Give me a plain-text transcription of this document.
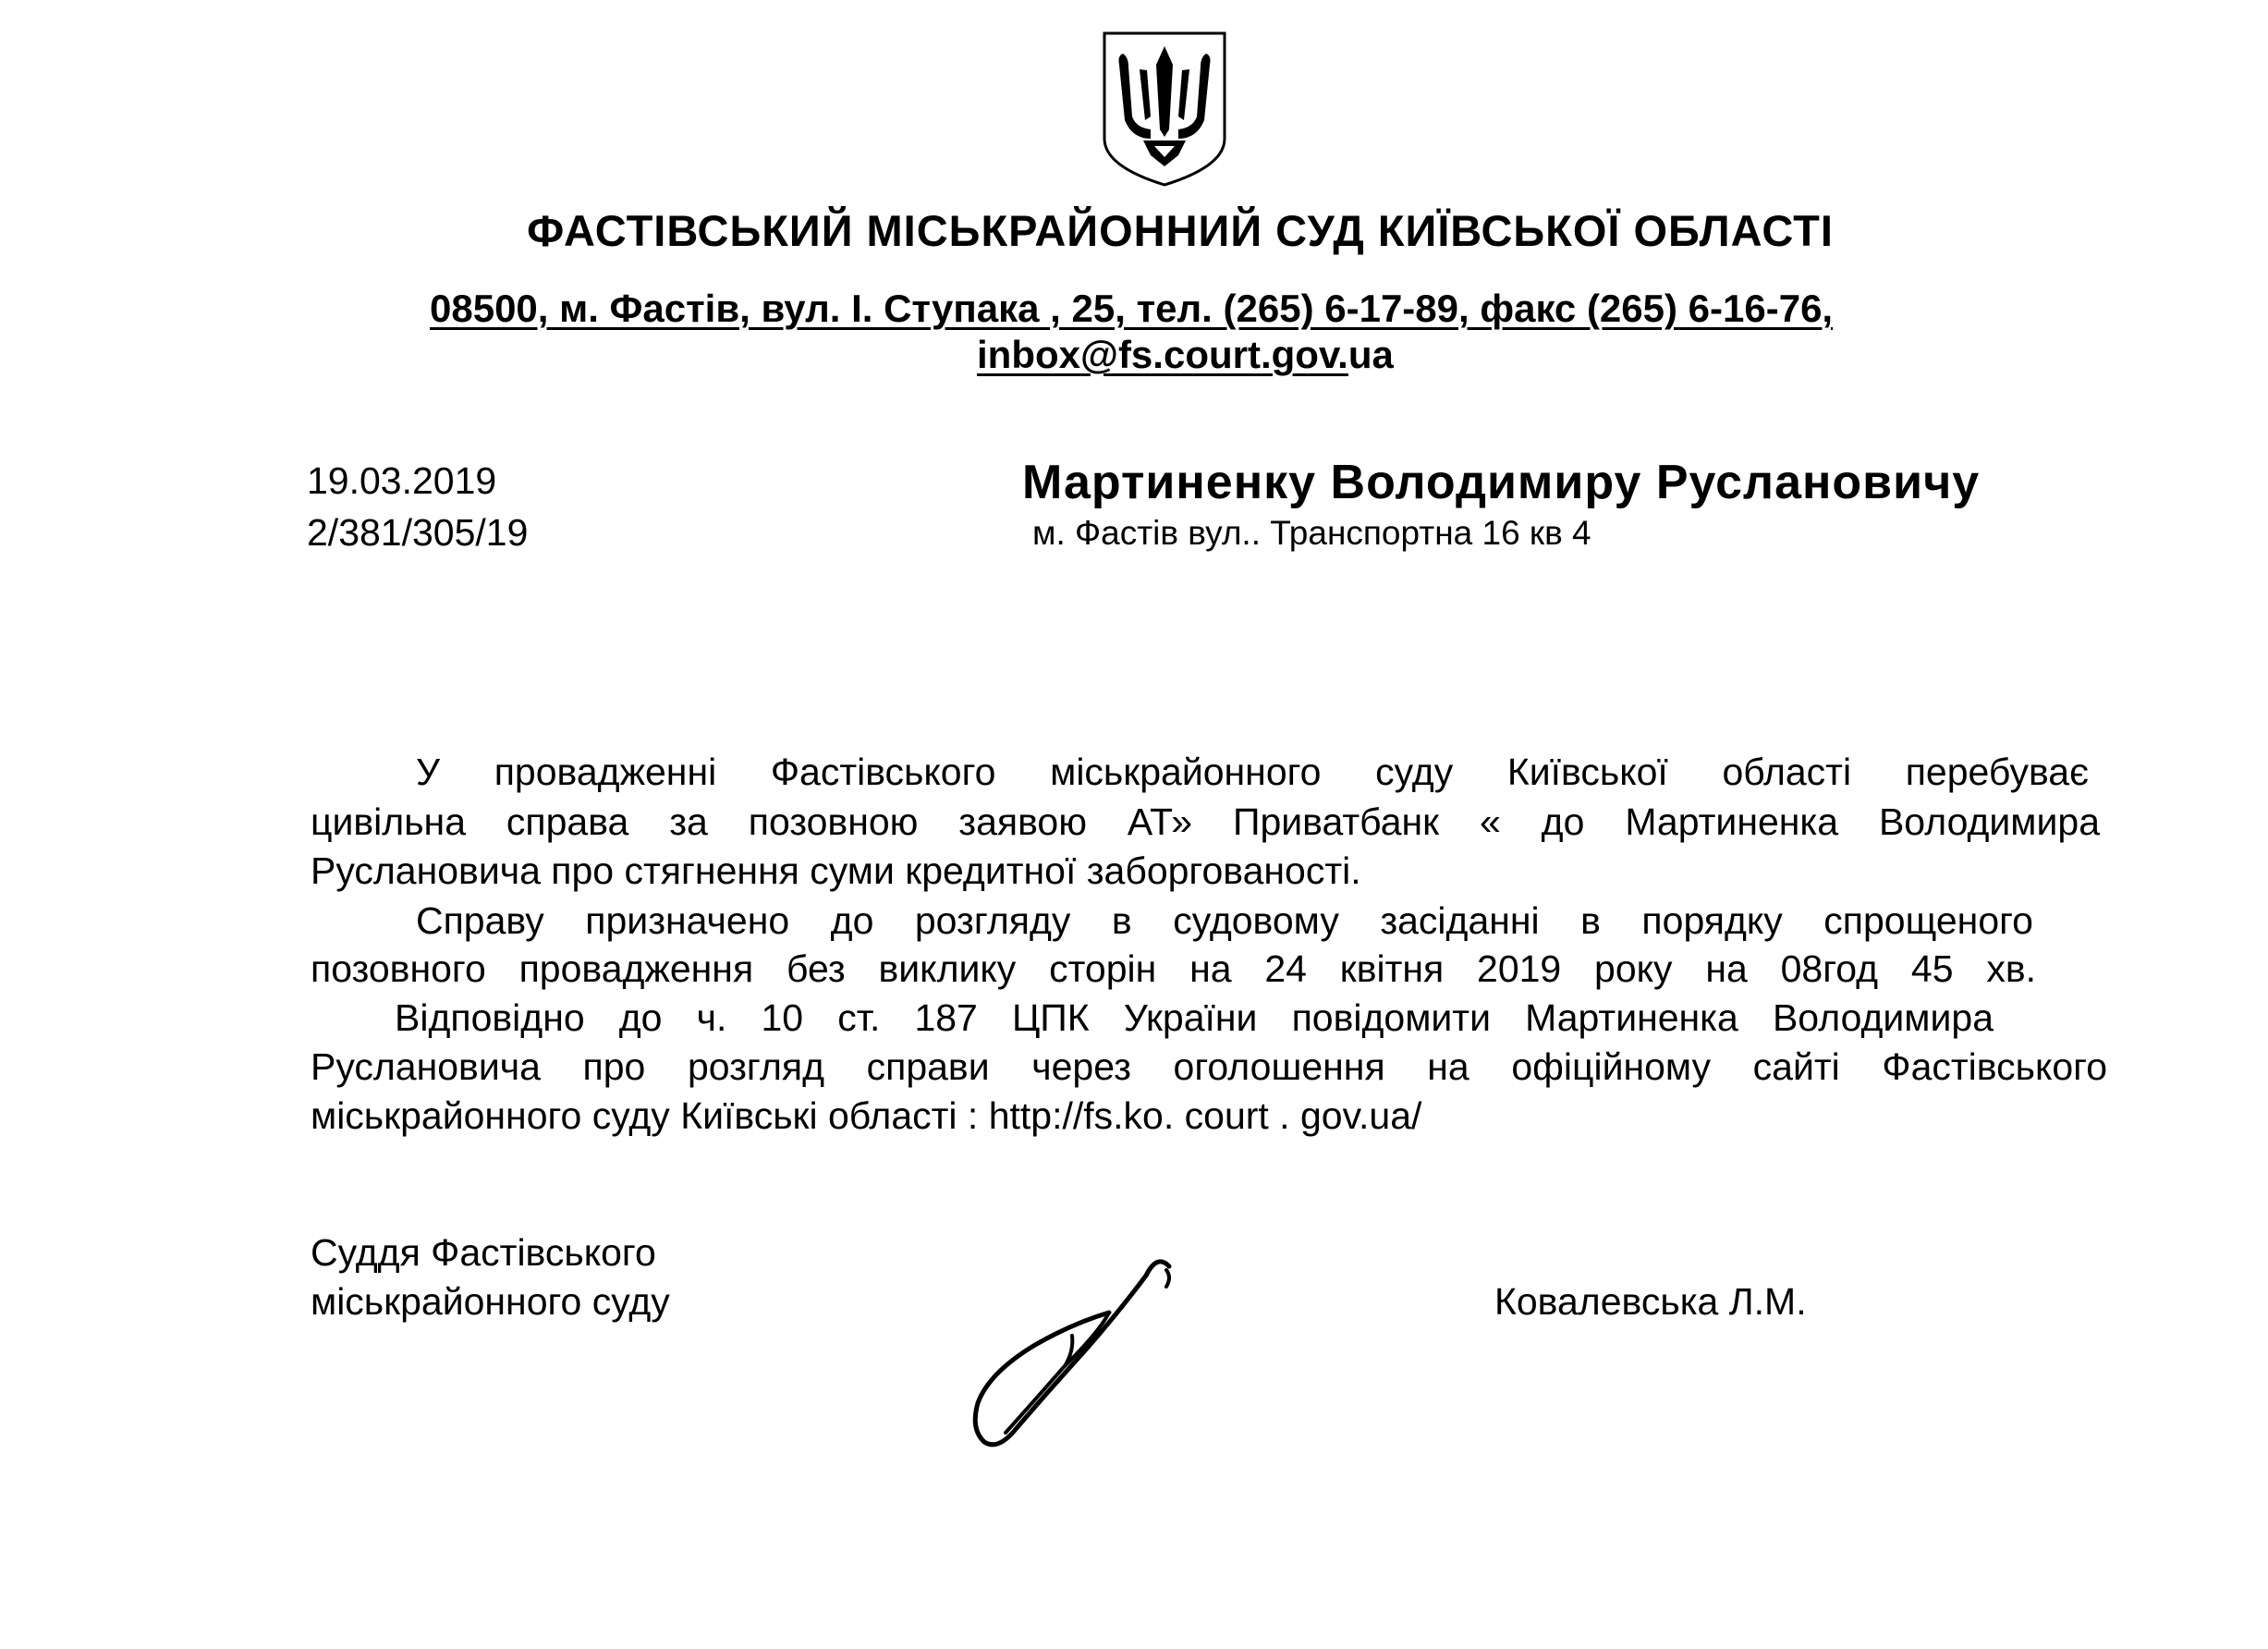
ФАСТІВСЬКИЙ МІСЬКРАЙОННИЙ СУД КИЇВСЬКОЇ ОБЛАСТІ
08500, м. Фастів, вул. І. Ступака , 25, тел. (265) 6-17-89, факс (265) 6-16-76,
inbox@fs.court.gov.ua
19.03.2019
2/381/305/19
Мартиненку Володимиру Руслановичу
м. Фастів вул.. Транспортна 16 кв 4
У провадженні Фастівського міськрайонного суду Київської області перебуває
цивільна справа за позовною заявою АТ» Приватбанк « до Мартиненка Володимира
Руслановича про стягнення суми кредитної заборгованості.
Справу призначено до розгляду в судовому засіданні в порядку спрощеного
позовного провадження без виклику сторін на 24 квітня 2019 року на 08год 45 хв.
Відповідно до ч. 10 ст. 187 ЦПК України повідомити Мартиненка Володимира
Руслановича про розгляд справи через оголошення на офіційному сайті Фастівського
міськрайонного суду Київські області : http://fs.ko. court . gov.ua/
Суддя Фастівського
міськрайонного суду	Ковалевська Л.М.
